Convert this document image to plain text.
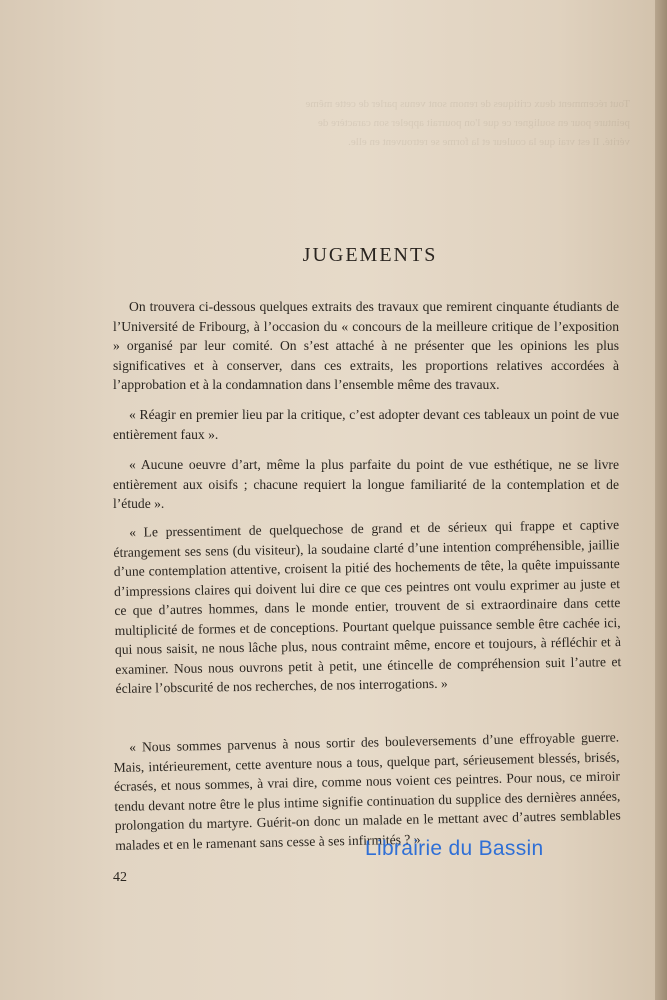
Tout récemment deux critiques de renom sont venus parler de cette même peinture pour en souligner ce que l'on pourrait appeler son caractère de vérité. Il est vrai que la couleur et la forme se retrouvent en elle.
JUGEMENTS

On trouvera ci-dessous quelques extraits des travaux que remirent cinquante étudiants de l’Université de Fribourg, à l’occasion du « concours de la meilleure critique de l’exposition » organisé par leur comité. On s’est attaché à ne présenter que les opinions les plus significatives et à conserver, dans ces extraits, les proportions relatives accordées à l’approbation et à la condamnation dans l’ensemble même des travaux.

« Réagir en premier lieu par la critique, c’est adopter devant ces tableaux un point de vue entièrement faux ».

« Aucune oeuvre d’art, même la plus parfaite du point de vue esthétique, ne se livre entièrement aux oisifs ; chacune requiert la longue familiarité de la contemplation et de l’étude ».

« Le pressentiment de quelquechose de grand et de sérieux qui frappe et captive étrangement ses sens (du visiteur), la soudaine clarté d’une intention compréhensible, jaillie d’une contemplation attentive, croisent la pitié des hochements de tête, la quête impuissante d’impressions claires qui doivent lui dire ce que ces peintres ont voulu exprimer au juste et ce que d’autres hommes, dans le monde entier, trouvent de si extraordinaire dans cette multiplicité de formes et de conceptions. Pourtant quelque puissance semble être cachée ici, qui nous saisit, ne nous lâche plus, nous contraint même, encore et toujours, à réfléchir et à examiner. Nous nous ouvrons petit à petit, une étincelle de compréhension suit l’autre et éclaire l’obscurité de nos recherches, de nos interrogations. »

« Nous sommes parvenus à nous sortir des bouleversements d’une effroyable guerre. Mais, intérieurement, cette aventure nous a tous, quelque part, sérieusement blessés, brisés, écrasés, et nous sommes, à vrai dire, comme nous voient ces peintres. Pour nous, ce miroir tendu devant notre être le plus intime signifie continuation du supplice des dernières années, prolongation du martyre. Guérit-on donc un malade en le mettant avec d’autres semblables malades et en le ramenant sans cesse à ses infirmités ? »

42
Librairie du Bassin
